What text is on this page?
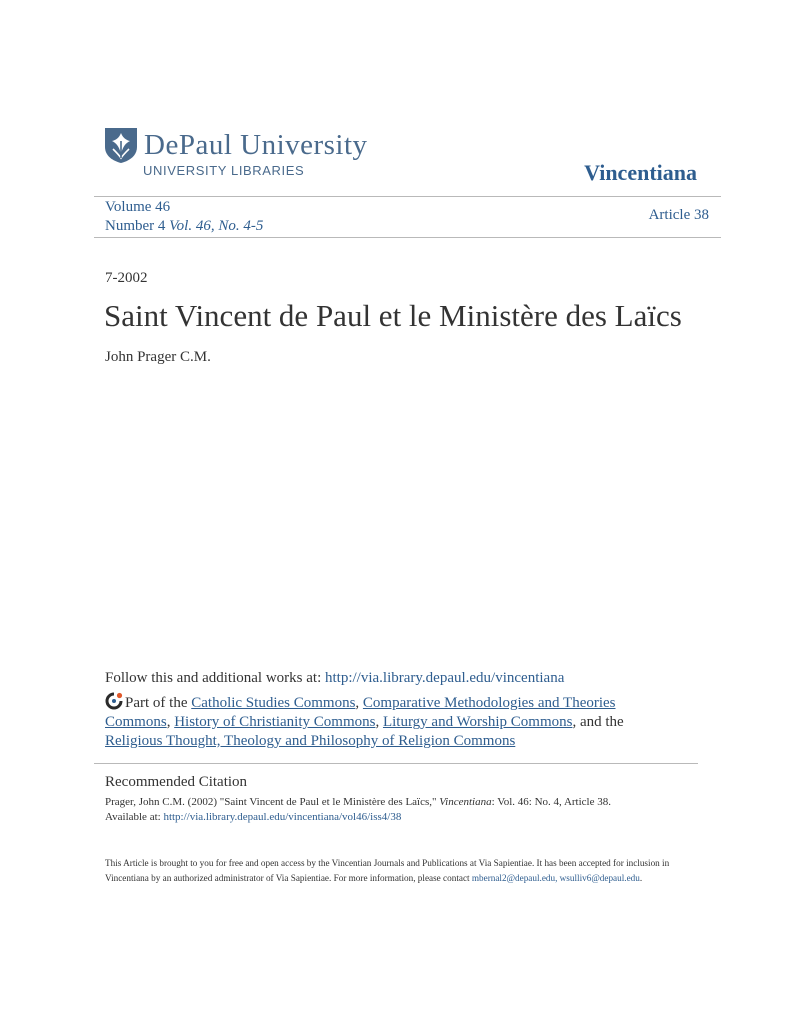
DePaul University
UNIVERSITY LIBRARIES	Vincentiana
Volume 46
Number 4 Vol. 46, No. 4-5
Article 38
7-2002
Saint Vincent de Paul et le Ministère des Laïcs
John Prager C.M.
Follow this and additional works at: http://via.library.depaul.edu/vincentiana
Part of the Catholic Studies Commons, Comparative Methodologies and Theories Commons, History of Christianity Commons, Liturgy and Worship Commons, and the Religious Thought, Theology and Philosophy of Religion Commons
Recommended Citation
Prager, John C.M. (2002) "Saint Vincent de Paul et le Ministère des Laïcs," Vincentiana: Vol. 46: No. 4, Article 38.
Available at: http://via.library.depaul.edu/vincentiana/vol46/iss4/38
This Article is brought to you for free and open access by the Vincentian Journals and Publications at Via Sapientiae. It has been accepted for inclusion in Vincentiana by an authorized administrator of Via Sapientiae. For more information, please contact mbernal2@depaul.edu, wsulliv6@depaul.edu.
